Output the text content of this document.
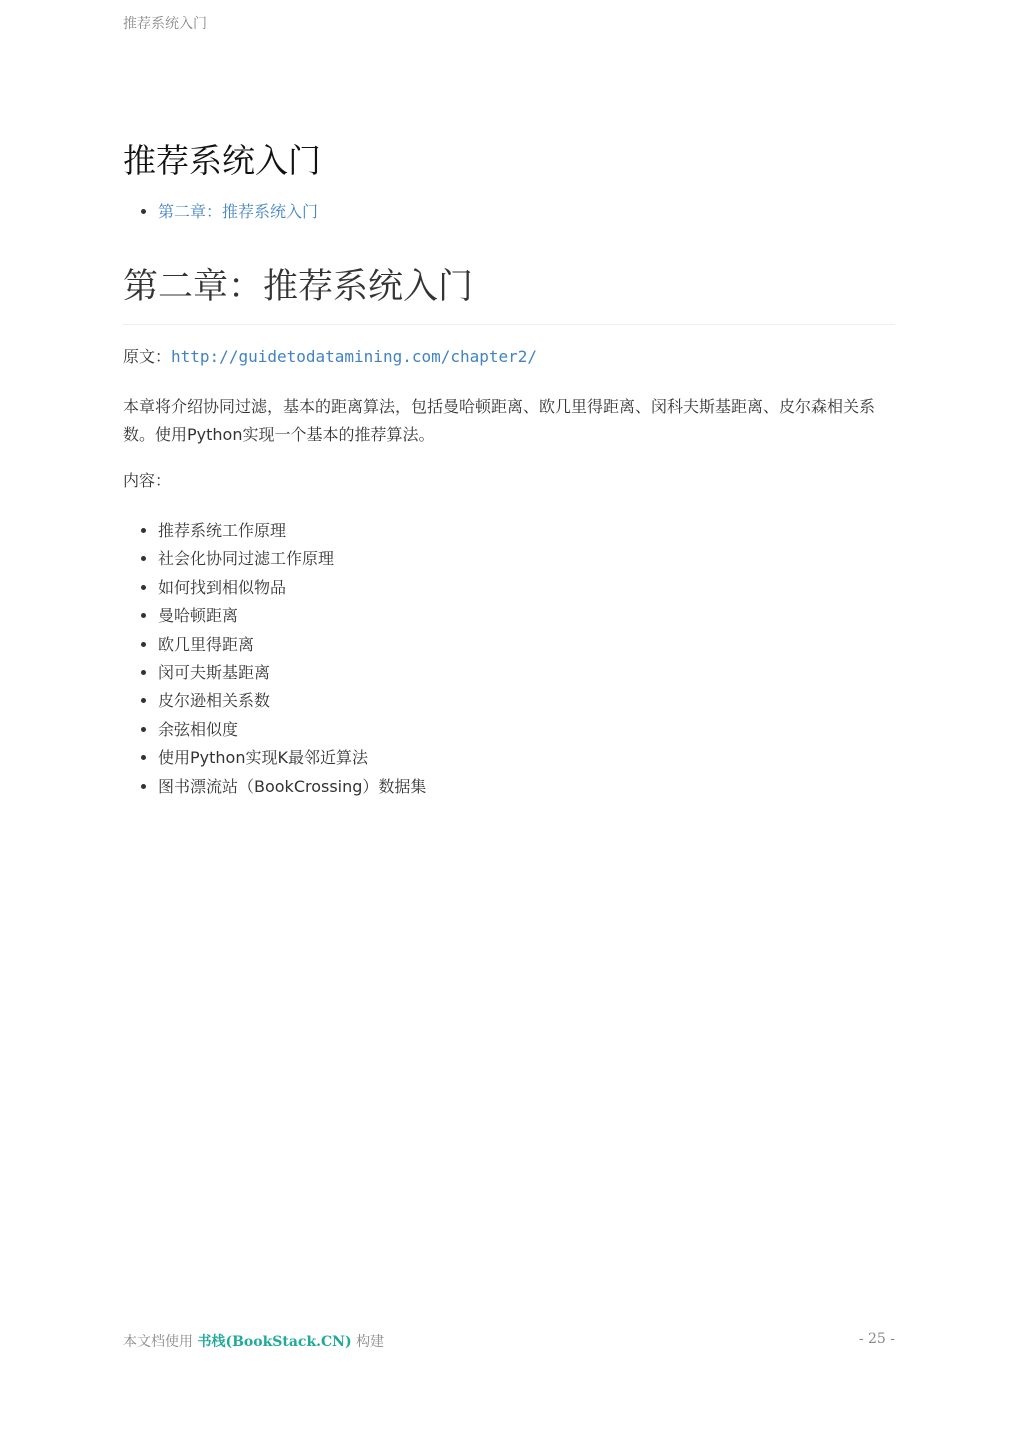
推荐系统入门
推荐系统入门
• 第二章：推荐系统入门
第二章：推荐系统入门

原文：http://guidetodatamining.com/chapter2/

本章将介绍协同过滤，基本的距离算法，包括曼哈顿距离、欧几里得距离、闵科夫斯基距离、皮尔森相关系数。使用Python实现一个基本的推荐算法。

内容：

• 推荐系统工作原理
• 社会化协同过滤工作原理
• 如何找到相似物品
• 曼哈顿距离
• 欧几里得距离
• 闵可夫斯基距离
• 皮尔逊相关系数
• 余弦相似度
• 使用Python实现K最邻近算法
• 图书漂流站（BookCrossing）数据集
本文档使用 书栈(BookStack.CN) 构建	- 25 -
